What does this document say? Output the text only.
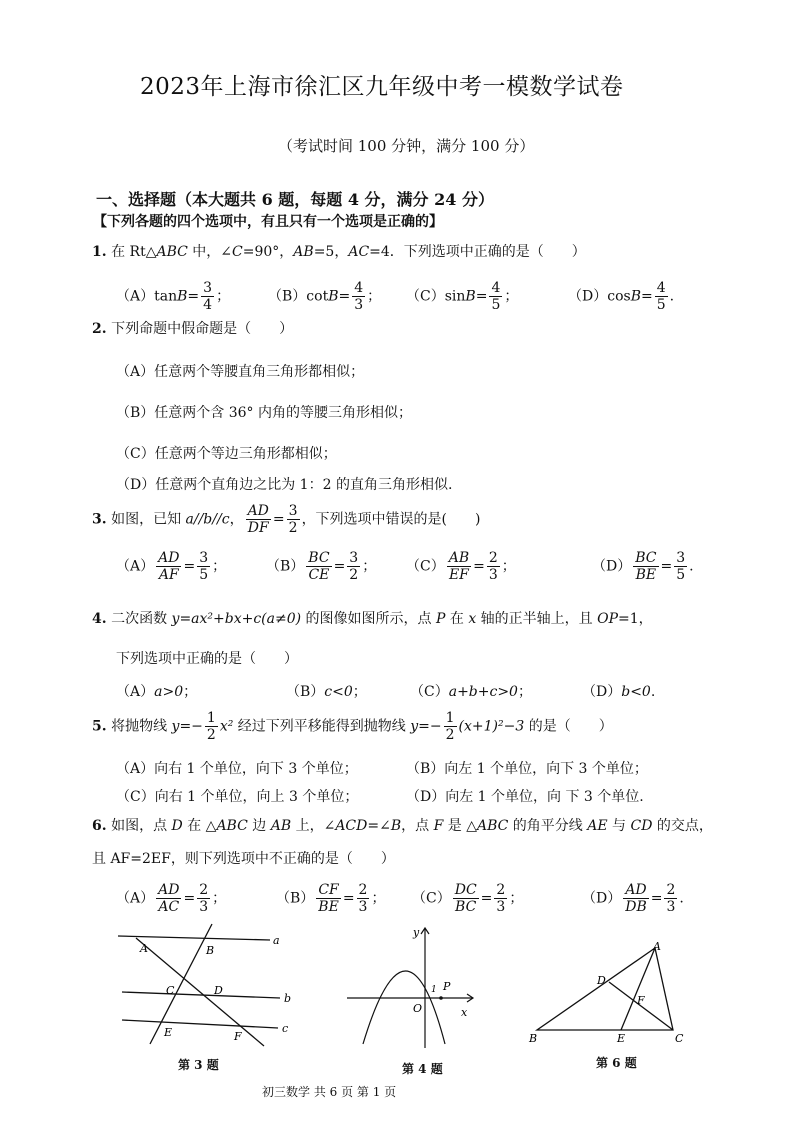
2023年上海市徐汇区九年级中考一模数学试卷
（考试时间 100 分钟，满分 100 分）
一、选择题（本大题共 6 题，每题 4 分，满分 24 分）
【下列各题的四个选项中，有且只有一个选项是正确的】
1. 在 Rt△ABC 中，∠C=90°，AB=5，AC=4．下列选项中正确的是（　　）
$(A)\tan B= \frac{3}{4}$ ；	$(B)\cot B= \frac{4}{3}$ ； $(C)\sin B= \frac{4}{5}$ ；	$(D)\cos B= \frac{4}{5}$ .
2. 下列命题中假命题是（　　）
（A）任意两个等腰直角三角形都相似；
（B）任意两个含 36° 内角的等腰三角形相似；
（C）任意两个等边三角形都相似；
（D）任意两个直角边之比为 1：2 的直角三角形相似.
3. 如图，已知 a//b//c， $\frac{AD}{DF} = \frac{3}{2}$ ，下列选项中错误的是(　　)
$(A) \frac{AD}{AF} = \frac{3}{5}$ ；	$(B) \frac{BC}{CE} = \frac{3}{2}$ ； $(C) \frac{AB}{EF} = \frac{2}{3}$ ；	$(D) \frac{BC}{BE} = \frac{3}{5}$ .
4. 二次函数 y=ax²+bx+c(a≠0) 的图像如图所示，点 P 在 x 轴的正半轴上，且 OP=1，
下列选项中正确的是（　　）
（A）a>0；	（B）c<0；	（C）a+b+c>0；	（D）b<0.
5. 将抛物线 $y=- \frac{1}{2} x^2$ 经过下列平移能得到抛物线 $y=- \frac{1}{2} (x+1)^2-3$ 的是（　　）
（A）向右 1 个单位，向下 3 个单位；	（B）向左 1 个单位，向下 3 个单位；
（C）向右 1 个单位，向上 3 个单位；	（D）向左 1 个单位，向 下 3 个单位.
6. 如图，点 D 在 △ABC 边 AB 上，∠ACD=∠B，点 F 是 △ABC 的角平分线 AE 与 CD 的交点，
且 AF=2EF，则下列选项中不正确的是（　　）
$(A) \frac{AD}{AC} = \frac{2}{3}$ ；	$(B) \frac{CF}{BE} = \frac{2}{3}$ ； $(C) \frac{DC}{BC} = \frac{2}{3}$ ；	$(D) \frac{AD}{DB} = \frac{2}{3}$ .
a
b
c
A	B
C	D
E	F
第 3 题
O	x
y
P
1
第 4 题
A
B	C
D
E
F
第 6 题
初三数学 共 6 页 第 1 页
